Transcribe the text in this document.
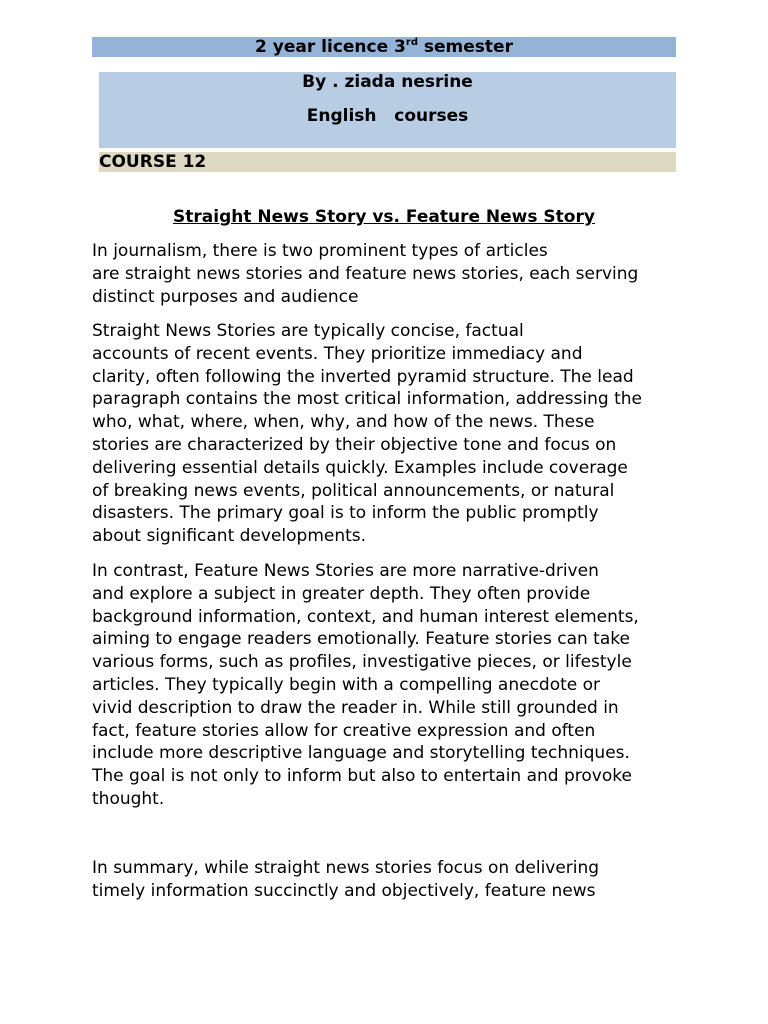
2 year licence 3rd semester
By . ziada nesrine
English   courses
COURSE 12
Straight News Story vs. Feature News Story

In journalism, there is two prominent types of articles
are straight news stories and feature news stories, each serving
distinct purposes and audience

Straight News Stories are typically concise, factual
accounts of recent events. They prioritize immediacy and
clarity, often following the inverted pyramid structure. The lead
paragraph contains the most critical information, addressing the
who, what, where, when, why, and how of the news. These
stories are characterized by their objective tone and focus on
delivering essential details quickly. Examples include coverage
of breaking news events, political announcements, or natural
disasters. The primary goal is to inform the public promptly
about significant developments.

In contrast, Feature News Stories are more narrative-driven
and explore a subject in greater depth. They often provide
background information, context, and human interest elements,
aiming to engage readers emotionally. Feature stories can take
various forms, such as profiles, investigative pieces, or lifestyle
articles. They typically begin with a compelling anecdote or
vivid description to draw the reader in. While still grounded in
fact, feature stories allow for creative expression and often
include more descriptive language and storytelling techniques.
The goal is not only to inform but also to entertain and provoke
thought.

In summary, while straight news stories focus on delivering
timely information succinctly and objectively, feature news
